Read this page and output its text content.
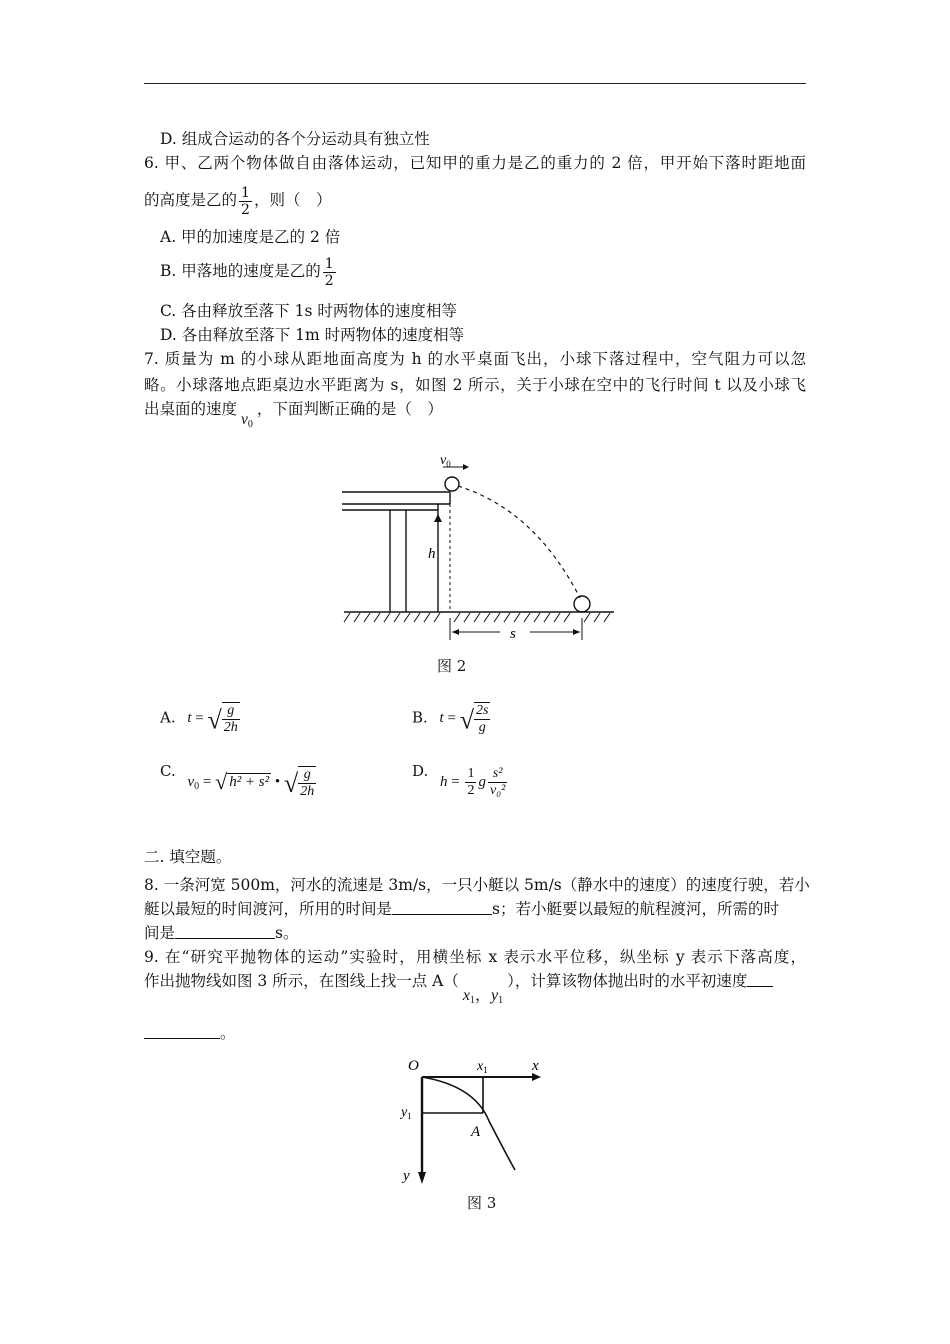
D. 组成合运动的各个分运动具有独立性
6. 甲、乙两个物体做自由落体运动，已知甲的重力是乙的重力的 2 倍，甲开始下落时距地面
的高度是乙的 $\frac{1}{2}$ ，则（　）
A. 甲的加速度是乙的 2 倍
B. 甲落地的速度是乙的 $\frac{1}{2}$
C. 各由释放至落下 1s 时两物体的速度相等
D. 各由释放至落下 1m 时两物体的速度相等
7. 质量为 m 的小球从距地面高度为 h 的水平桌面飞出，小球下落过程中，空气阻力可以忽
略。小球落地点距桌边水平距离为 s，如图 2 所示，关于小球在空中的飞行时间 t 以及小球飞
出桌面的速度$v_0$，下面判断正确的是（　）
$v_0$
h
s
图 2
A. t = √ $\frac{g}{2h}$	B. t = √ $\frac{2s}{g}$
C. $v_0$ = √ h² + s² • √ $\frac{g}{2h}$	D. $h = \frac{1}{2}$ g $\frac{\text{s²}}{\text{v₀²}}$
二. 填空题。
8. 一条河宽 500m，河水的流速是 3m/s，一只小艇以 5m/s（静水中的速度）的速度行驶，若小
艇以最短的时间渡河，所用的时间是	s；若小艇要以最短的航程渡河，所需的时
间是	s。
9. 在“研究平抛物体的运动”实验时，用横坐标 x 表示水平位移，纵坐标 y 表示下落高度，
作出抛物线如图 3 所示，在图线上找一点 $A(x_1$，$y_1$），计算该物体抛出时的水平初速度
。
O	$x_1$	x
$y_1$
A
y
图 3
